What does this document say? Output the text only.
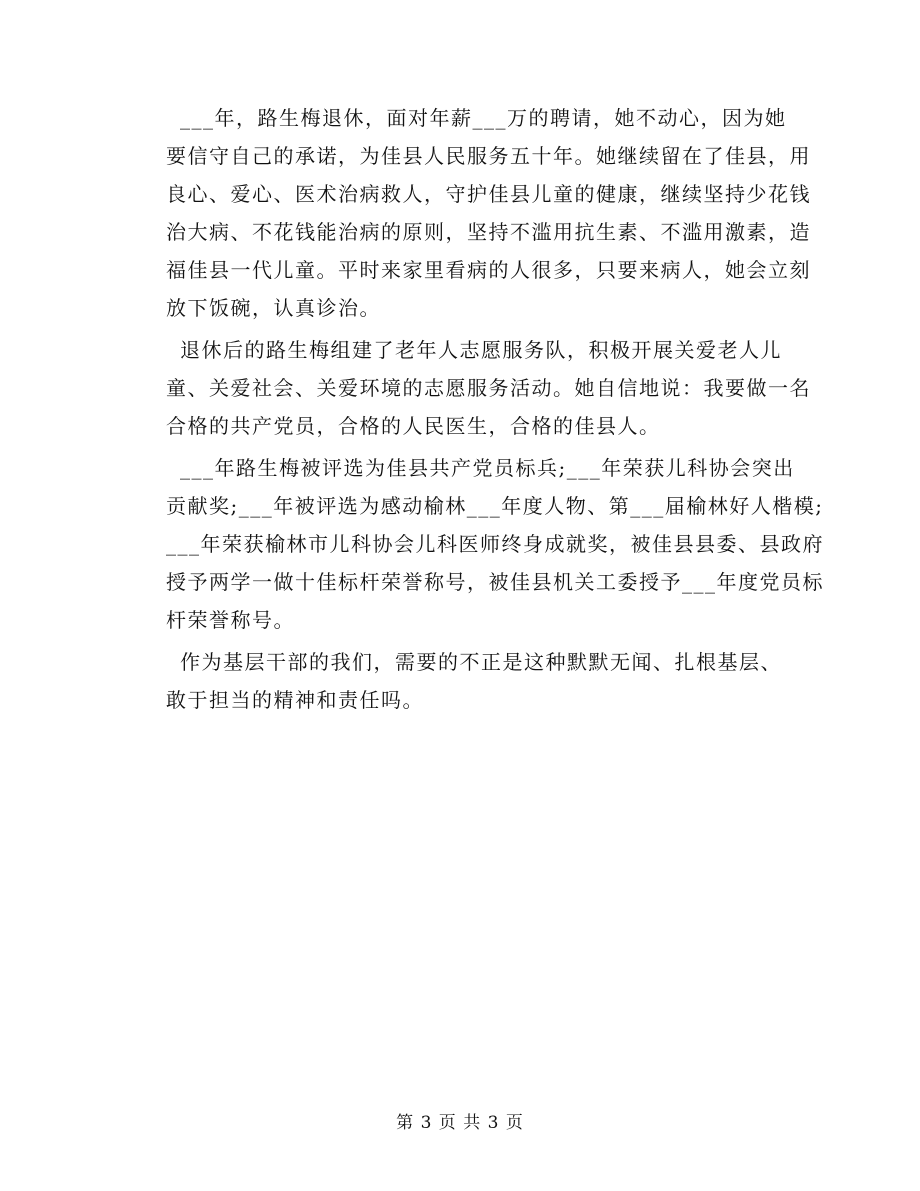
___年，路生梅退休，面对年薪___万的聘请，她不动心，因为她
要信守自己的承诺，为佳县人民服务五十年。她继续留在了佳县，用
良心、爱心、医术治病救人，守护佳县儿童的健康，继续坚持少花钱
治大病、不花钱能治病的原则，坚持不滥用抗生素、不滥用激素，造
福佳县一代儿童。平时来家里看病的人很多，只要来病人，她会立刻
放下饭碗，认真诊治。
退休后的路生梅组建了老年人志愿服务队，积极开展关爱老人儿
童、关爱社会、关爱环境的志愿服务活动。她自信地说：我要做一名
合格的共产党员，合格的人民医生，合格的佳县人。
___年路生梅被评选为佳县共产党员标兵;___年荣获儿科协会突出
贡献奖;___年被评选为感动榆林___年度人物、第___届榆林好人楷模;
___年荣获榆林市儿科协会儿科医师终身成就奖，被佳县县委、县政府
授予两学一做十佳标杆荣誉称号，被佳县机关工委授予___年度党员标
杆荣誉称号。
作为基层干部的我们，需要的不正是这种默默无闻、扎根基层、
敢于担当的精神和责任吗。
第 3 页 共 3 页
